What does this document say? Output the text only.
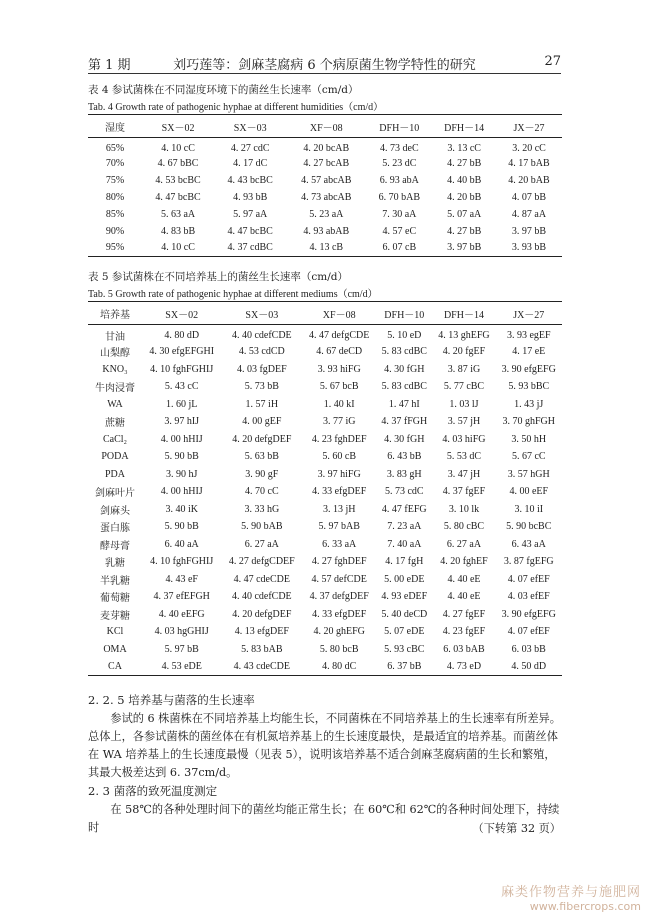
第 1 期	刘巧莲等：剑麻茎腐病 6 个病原菌生物学特性的研究	27
表 4 参试菌株在不同湿度环境下的菌丝生长速率（cm/d）
Tab. 4 Growth rate of pathogenic hyphae at different humidities（cm/d）
湿度	SX－02	SX－03	XF－08	DFH－10	DFH－14	JX－27
65%	4. 10 cC	4. 27 cdC	4. 20 bcAB	4. 73 deC	3. 13 cC	3. 20 cC
70%	4. 67 bBC	4. 17 dC	4. 27 bcAB	5. 23 dC	4. 27 bB	4. 17 bAB
75%	4. 53 bcBC	4. 43 bcBC	4. 57 abcAB	6. 93 abA	4. 40 bB	4. 20 bAB
80%	4. 47 bcBC	4. 93 bB	4. 73 abcAB	6. 70 bAB	4. 20 bB	4. 07 bB
85%	5. 63 aA	5. 97 aA	5. 23 aA	7. 30 aA	5. 07 aA	4. 87 aA
90%	4. 83 bB	4. 47 bcBC	4. 93 abAB	4. 57 eC	4. 27 bB	3. 97 bB
95%	4. 10 cC	4. 37 cdBC	4. 13 cB	6. 07 cB	3. 97 bB	3. 93 bB
表 5 参试菌株在不同培养基上的菌丝生长速率（cm/d）
Tab. 5 Growth rate of pathogenic hyphae at different mediums（cm/d）
培养基	SX－02	SX－03	XF－08	DFH－10	DFH－14	JX－27
甘油	4. 80 dD	4. 40 cdefCDE	4. 47 defgCDE	5. 10 eD	4. 13 ghEFG	3. 93 egEF
山梨醇	4. 30 efgEFGHI	4. 53 cdCD	4. 67 deCD	5. 83 cdBC	4. 20 fgEF	4. 17 eE
KNO₃	4. 10 fghFGHIJ	4. 03 fgDEF	3. 93 hiFG	4. 30 fGH	3. 87 iG	3. 90 efgEFG
牛肉浸膏	5. 43 cC	5. 73 bB	5. 67 bcB	5. 83 cdBC	5. 77 cBC	5. 93 bBC
WA	1. 60 jL	1. 57 iH	1. 40 kI	1. 47 hI	1. 03 lJ	1. 43 jJ
蔗糖	3. 97 hIJ	4. 00 gEF	3. 77 iG	4. 37 fFGH	3. 57 jH	3. 70 ghFGH
CaCl₂	4. 00 hHIJ	4. 20 defgDEF	4. 23 fghDEF	4. 30 fGH	4. 03 hiFG	3. 50 hH
PODA	5. 90 bB	5. 63 bB	5. 60 cB	6. 43 bB	5. 53 dC	5. 67 cC
PDA	3. 90 hJ	3. 90 gF	3. 97 hiFG	3. 83 gH	3. 47 jH	3. 57 hGH
剑麻叶片	4. 00 hHIJ	4. 70 cC	4. 33 efgDEF	5. 73 cdC	4. 37 fgEF	4. 00 eEF
剑麻头	3. 40 iK	3. 33 hG	3. 13 jH	4. 47 fEFG	3. 10 lk	3. 10 iI
蛋白胨	5. 90 bB	5. 90 bAB	5. 97 bAB	7. 23 aA	5. 80 cBC	5. 90 bcBC
酵母膏	6. 40 aA	6. 27 aA	6. 33 aA	7. 40 aA	6. 27 aA	6. 43 aA
乳糖	4. 10 fghFGHIJ	4. 27 defgCDEF	4. 27 fghDEF	4. 17 fgH	4. 20 fghEF	3. 87 fgEFG
半乳糖	4. 43 eF	4. 47 cdeCDE	4. 57 defCDE	5. 00 eDE	4. 40 eE	4. 07 efEF
葡萄糖	4. 37 efEFGH	4. 40 cdefCDE	4. 37 defgDEF	4. 93 eDEF	4. 40 eE	4. 03 efEF
麦芽糖	4. 40 eEFG	4. 20 defgDEF	4. 33 efgDEF	5. 40 deCD	4. 27 fgEF	3. 90 efgEFG
KCl	4. 03 hgGHIJ	4. 13 efgDEF	4. 20 ghEFG	5. 07 eDE	4. 23 fgEF	4. 07 efEF
OMA	5. 97 bB	5. 83 bAB	5. 80 bcB	5. 93 cBC	6. 03 bAB	6. 03 bB
CA	4. 53 eDE	4. 43 cdeCDE	4. 80 dC	6. 37 bB	4. 73 eD	4. 50 dD
2. 2. 5 培养基与菌落的生长速率
参试的 6 株菌株在不同培养基上均能生长，不同菌株在不同培养基上的生长速率有所差异。总体上，各参试菌株的菌丝体在有机氮培养基上的生长速度最快，是最适宜的培养基。而菌丝体在 WA 培养基上的生长速度最慢（见表 5），说明该培养基不适合剑麻茎腐病菌的生长和繁殖，其最大极差达到 6. 37cm/d。
2. 3 菌落的致死温度测定
在 58℃的各种处理时间下的菌丝均能正常生长；在 60℃和 62℃的各种时间处理下，持续时	（下转第 32 页）
麻类作物营养与施肥网
www.fibercrops.com
